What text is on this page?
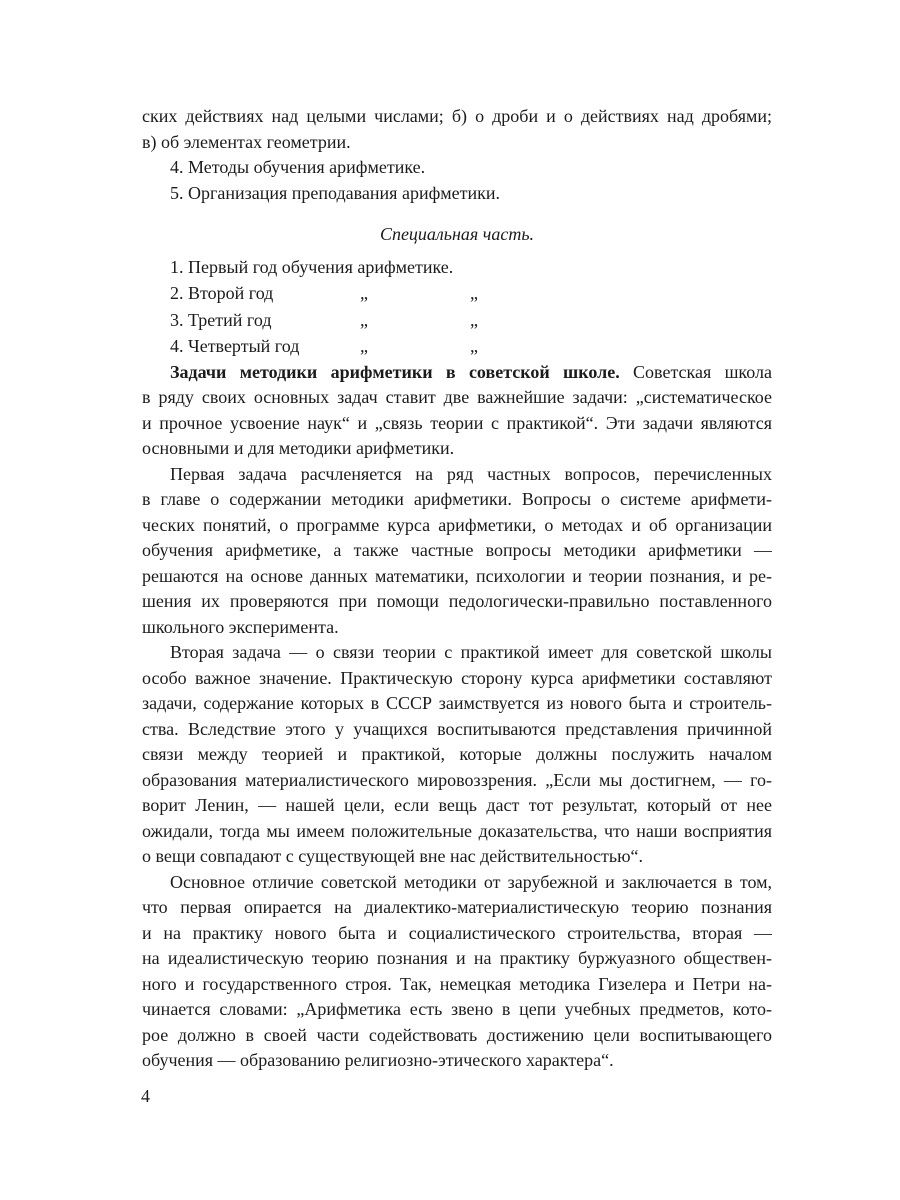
ских действиях над целыми числами; б) о дроби и о действиях над дробями;
в) об элементах геометрии.
4. Методы обучения арифметике.
5. Организация преподавания арифметики.
Специальная часть.
1. Первый год обучения арифметике.
2. Второй год	„	„
3. Третий год	„	„
4. Четвертый год	„	„
Задачи методики арифметики в советской школе. Советская школа
в ряду своих основных задач ставит две важнейшие задачи: „систематическое
и прочное усвоение наук“ и „связь теории с практикой“. Эти задачи являются
основными и для методики арифметики.
Первая задача расчленяется на ряд частных вопросов, перечисленных
в главе о содержании методики арифметики. Вопросы о системе арифмети-
ческих понятий, о программе курса арифметики, о методах и об организации
обучения арифметике, а также частные вопросы методики арифметики —
решаются на основе данных математики, психологии и теории познания, и ре-
шения их проверяются при помощи педологически-правильно поставленного
школьного эксперимента.
Вторая задача — о связи теории с практикой имеет для советской школы
особо важное значение. Практическую сторону курса арифметики составляют
задачи, содержание которых в СССР заимствуется из нового быта и строитель-
ства. Вследствие этого у учащихся воспитываются представления причинной
связи между теорией и практикой, которые должны послужить началом
образования материалистического мировоззрения. „Если мы достигнем, — го-
ворит Ленин, — нашей цели, если вещь даст тот результат, который от нее
ожидали, тогда мы имеем положительные доказательства, что наши восприятия
о вещи совпадают с существующей вне нас действительностью“.
Основное отличие советской методики от зарубежной и заключается в том,
что первая опирается на диалектико-материалистическую теорию познания
и на практику нового быта и социалистического строительства, вторая —
на идеалистическую теорию познания и на практику буржуазного обществен-
ного и государственного строя. Так, немецкая методика Гизелера и Петри на-
чинается словами: „Арифметика есть звено в цепи учебных предметов, кото-
рое должно в своей части содействовать достижению цели воспитывающего
обучения — образованию религиозно-этического характера“.
4
